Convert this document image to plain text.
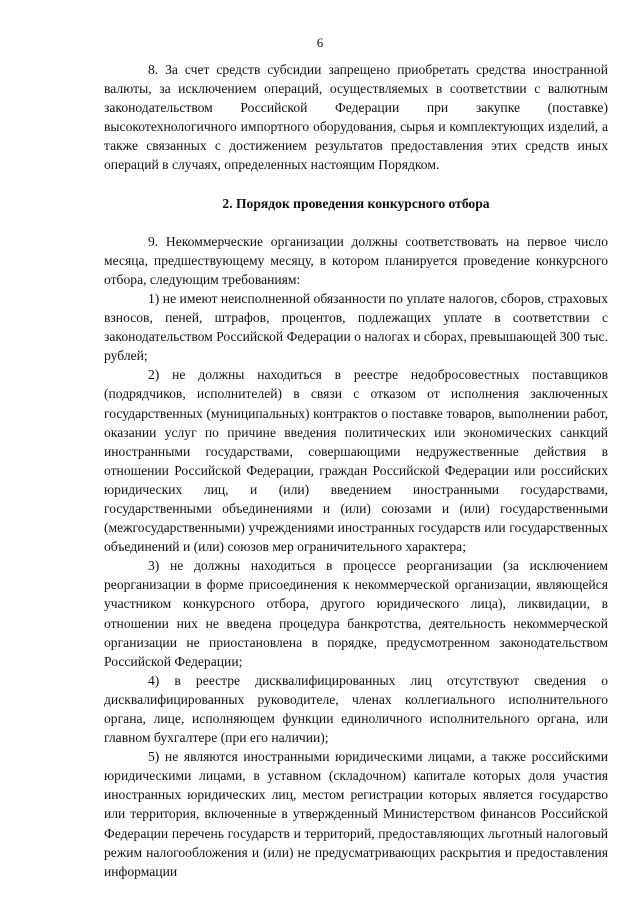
6

8. За счет средств субсидии запрещено приобретать средства иностранной валюты, за исключением операций, осуществляемых в соответствии с валютным законодательством Российской Федерации при закупке (поставке) высокотехнологичного импортного оборудования, сырья и комплектующих изделий, а также связанных с достижением результатов предоставления этих средств иных операций в случаях, определенных настоящим Порядком.

2. Порядок проведения конкурсного отбора

9. Некоммерческие организации должны соответствовать на первое число месяца, предшествующему месяцу, в котором планируется проведение конкурсного отбора, следующим требованиям:

1) не имеют неисполненной обязанности по уплате налогов, сборов, страховых взносов, пеней, штрафов, процентов, подлежащих уплате в соответствии с законодательством Российской Федерации о налогах и сборах, превышающей 300 тыс. рублей;

2) не должны находиться в реестре недобросовестных поставщиков (подрядчиков, исполнителей) в связи с отказом от исполнения заключенных государственных (муниципальных) контрактов о поставке товаров, выполнении работ, оказании услуг по причине введения политических или экономических санкций иностранными государствами, совершающими недружественные действия в отношении Российской Федерации, граждан Российской Федерации или российских юридических лиц, и (или) введением иностранными государствами, государственными объединениями и (или) союзами и (или) государственными (межгосударственными) учреждениями иностранных государств или государственных объединений и (или) союзов мер ограничительного характера;

3) не должны находиться в процессе реорганизации (за исключением реорганизации в форме присоединения к некоммерческой организации, являющейся участником конкурсного отбора, другого юридического лица), ликвидации, в отношении них не введена процедура банкротства, деятельность некоммерческой организации не приостановлена в порядке, предусмотренном законодательством Российской Федерации;

4) в реестре дисквалифицированных лиц отсутствуют сведения о дисквалифицированных руководителе, членах коллегиального исполнительного органа, лице, исполняющем функции единоличного исполнительного органа, или главном бухгалтере (при его наличии);

5) не являются иностранными юридическими лицами, а также российскими юридическими лицами, в уставном (складочном) капитале которых доля участия иностранных юридических лиц, местом регистрации которых является государство или территория, включенные в утвержденный Министерством финансов Российской Федерации перечень государств и территорий, предоставляющих льготный налоговый режим налогообложения и (или) не предусматривающих раскрытия и предоставления информации
